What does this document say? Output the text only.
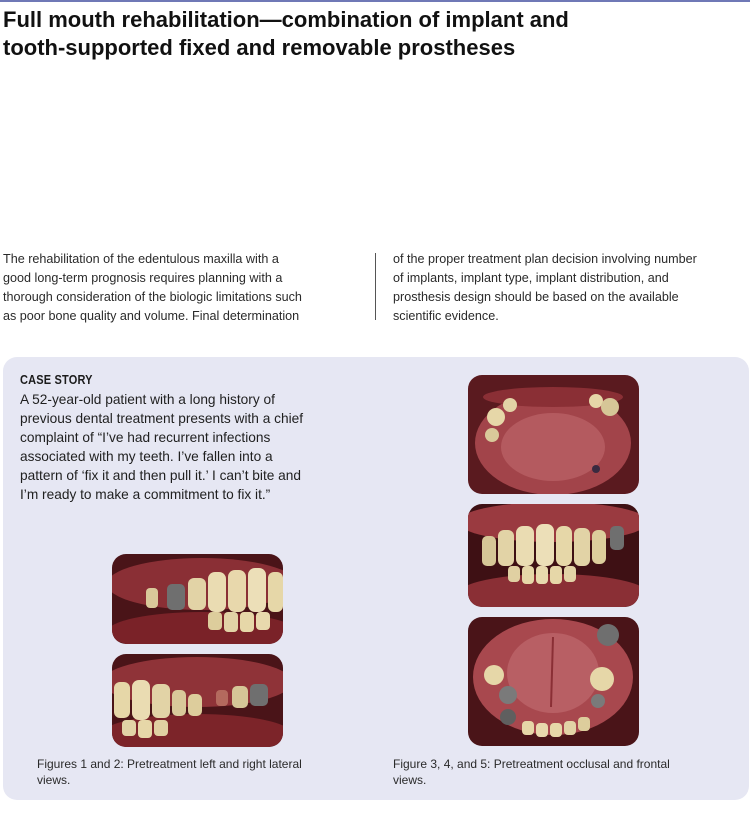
Full mouth rehabilitation—combination of implant and
tooth-supported fixed and removable prostheses
The rehabilitation of the edentulous maxilla with a
good long-term prognosis requires planning with a
thorough consideration of the biologic limitations such
as poor bone quality and volume. Final determination
of the proper treatment plan decision involving number
of implants, implant type, implant distribution, and
prosthesis design should be based on the available
scientific evidence.
CASE STORY
A 52-year-old patient with a long history of
previous dental treatment presents with a chief
complaint of “I’ve had recurrent infections
associated with my teeth. I’ve fallen into a
pattern of ‘fix it and then pull it.’ I can’t bite and
I’m ready to make a commitment to fix it.”
Figures 1 and 2: Pretreatment left and right lateral
views.
Figure 3, 4, and 5: Pretreatment occlusal and frontal
views.
